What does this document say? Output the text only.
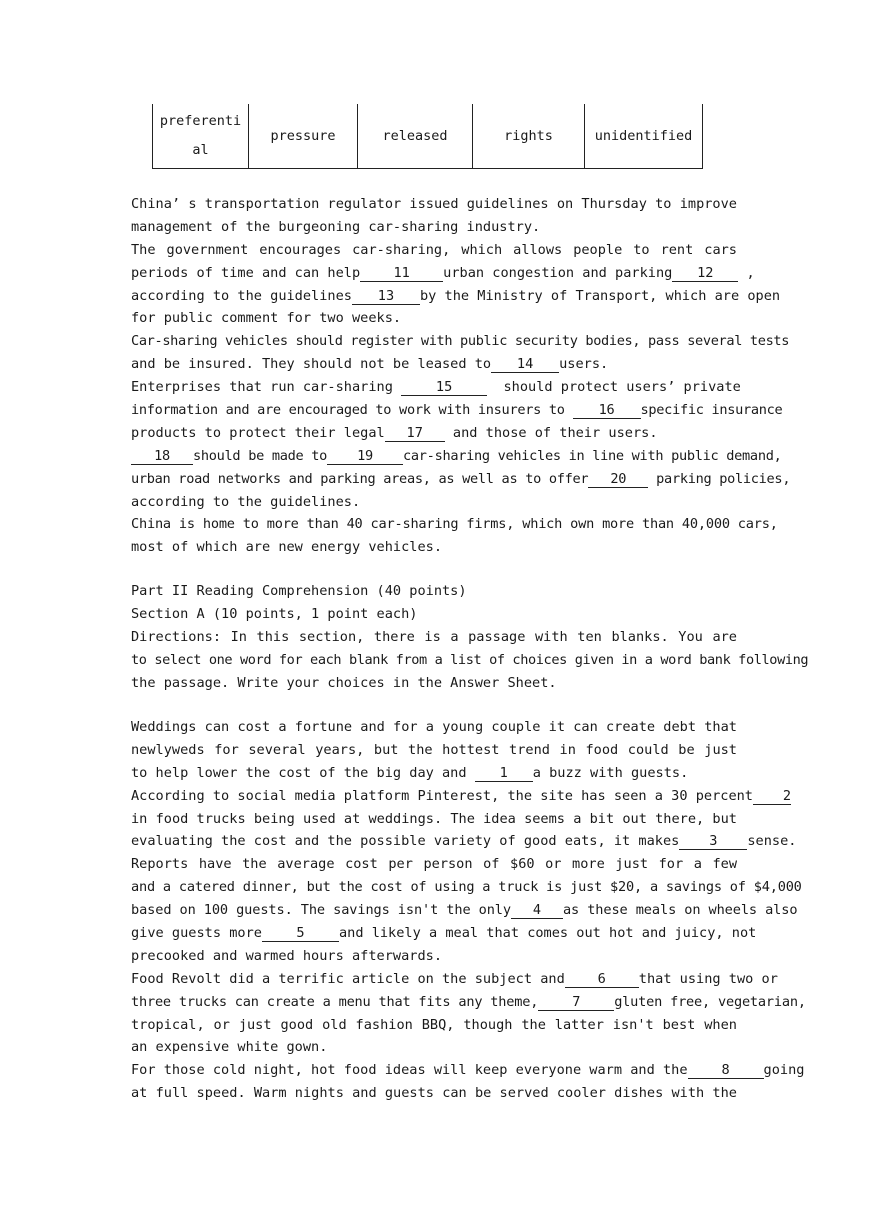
preferenti
al
	pressure	released	rights	unidentified
China’ s transportation regulator issued guidelines on Thursday to improve
management of the burgeoning car-sharing industry.
The government encourages car-sharing, which allows people to rent cars
periods of time and can help 11 urban congestion and parking 12 ,
according to the guidelines 13 by the Ministry of Transport, which are open
for public comment for two weeks.
Car-sharing vehicles should register with public security bodies, pass several tests
and be insured. They should not be leased to 14 users.
Enterprises that run car-sharing	15	should protect users’ private
information and are encouraged to work with insurers to	16 specific insurance
products to protect their legal 17 and those of their users.
18 should be made to 19 car-sharing vehicles in line with public demand,
urban road networks and parking areas, as well as to offer 20 parking policies,
according to the guidelines.
China is home to more than 40 car-sharing firms, which own more than 40,000 cars,
most of which are new energy vehicles.
Part II Reading Comprehension (40 points)
Section A (10 points, 1 point each)
Directions: In this section, there is a passage with ten blanks. You are
to select one word for each blank from a list of choices given in a word bank following
the passage. Write your choices in the Answer Sheet.
Weddings can cost a fortune and for a young couple it can create debt that
newlyweds for several years, but the hottest trend in food could be just
to help lower the cost of the big day and 1 a buzz with guests.
According to social media platform Pinterest, the site has seen a 30 percent 2
in food trucks being used at weddings. The idea seems a bit out there, but
evaluating the cost and the possible variety of good eats, it makes 3 sense.
Reports have the average cost per person of $60 or more just for a few
and a catered dinner, but the cost of using a truck is just $20, a savings of $4,000
based on 100 guests. The savings isn't the only 4 as these meals on wheels also
give guests more	5	and likely a meal that comes out hot and juicy, not
precooked and warmed hours afterwards.
Food Revolt did a terrific article on the subject and 6 that using two or
three trucks can create a menu that fits any theme,	7	gluten free, vegetarian,
tropical, or just good old fashion BBQ, though the latter isn't best when
an expensive white gown.
For those cold night, hot food ideas will keep everyone warm and the 8 going
at full speed. Warm nights and guests can be served cooler dishes with the
